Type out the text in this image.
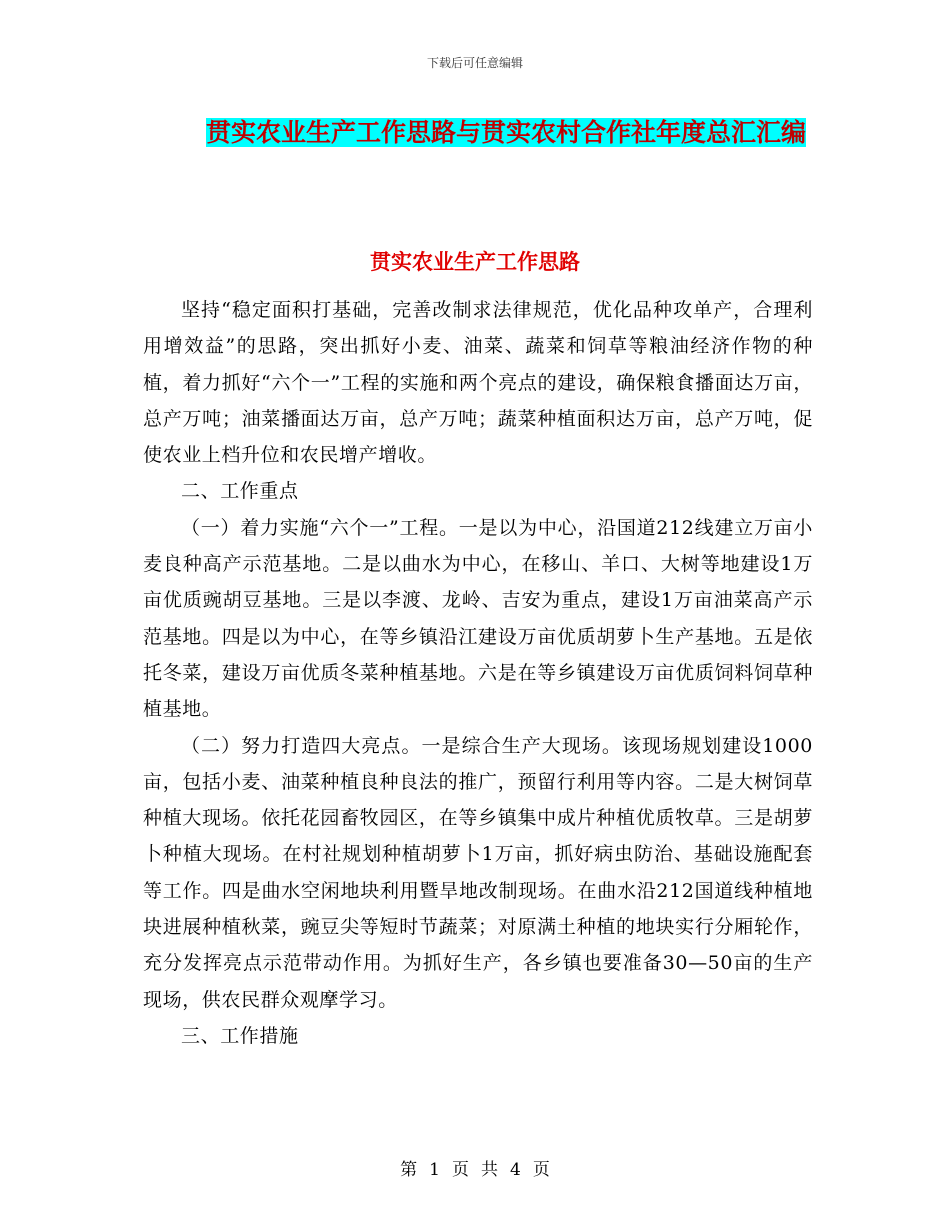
下载后可任意编辑
贯实农业生产工作思路与贯实农村合作社年度总汇汇编
贯实农业生产工作思路

坚持“稳定面积打基础，完善改制求法律规范，优化品种攻单产，合理利用增效益”的思路，突出抓好小麦、油菜、蔬菜和饲草等粮油经济作物的种植，着力抓好“六个一”工程的实施和两个亮点的建设，确保粮食播面达万亩，总产万吨；油菜播面达万亩，总产万吨；蔬菜种植面积达万亩，总产万吨，促使农业上档升位和农民增产增收。

二、工作重点

（一）着力实施“六个一”工程。一是以为中心，沿国道212线建立万亩小麦良种高产示范基地。二是以曲水为中心，在移山、羊口、大树等地建设1万亩优质豌胡豆基地。三是以李渡、龙岭、吉安为重点，建设1万亩油菜高产示范基地。四是以为中心，在等乡镇沿江建设万亩优质胡萝卜生产基地。五是依托冬菜，建设万亩优质冬菜种植基地。六是在等乡镇建设万亩优质饲料饲草种植基地。

（二）努力打造四大亮点。一是综合生产大现场。该现场规划建设1000亩，包括小麦、油菜种植良种良法的推广，预留行利用等内容。二是大树饲草种植大现场。依托花园畜牧园区，在等乡镇集中成片种植优质牧草。三是胡萝卜种植大现场。在村社规划种植胡萝卜1万亩，抓好病虫防治、基础设施配套等工作。四是曲水空闲地块利用暨旱地改制现场。在曲水沿212国道线种植地块进展种植秋菜，豌豆尖等短时节蔬菜；对原满土种植的地块实行分厢轮作，充分发挥亮点示范带动作用。为抓好生产，各乡镇也要准备30—50亩的生产现场，供农民群众观摩学习。

三、工作措施

第 1 页 共 4 页
